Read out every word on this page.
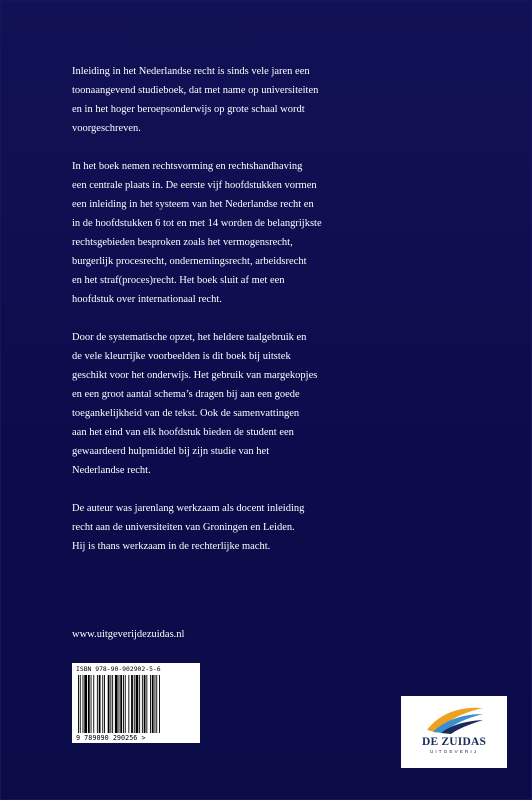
Inleiding in het Nederlandse recht is sinds vele jaren een
toonaangevend studieboek, dat met name op universiteiten
en in het hoger beroepsonderwijs op grote schaal wordt
voorgeschreven.

In het boek nemen rechtsvorming en rechtshandhaving
een centrale plaats in. De eerste vijf hoofdstukken vormen
een inleiding in het systeem van het Nederlandse recht en
in de hoofdstukken 6 tot en met 14 worden de belangrijkste
rechtsgebieden besproken zoals het vermogensrecht,
burgerlijk procesrecht, ondernemingsrecht, arbeidsrecht
en het straf(proces)recht. Het boek sluit af met een
hoofdstuk over internationaal recht.

Door de systematische opzet, het heldere taalgebruik en
de vele kleurrijke voorbeelden is dit boek bij uitstek
geschikt voor het onderwijs. Het gebruik van margekopjes
en een groot aantal schema’s dragen bij aan een goede
toegankelijkheid van de tekst. Ook de samenvattingen
aan het eind van elk hoofdstuk bieden de student een
gewaardeerd hulpmiddel bij zijn studie van het
Nederlandse recht.

De auteur was jarenlang werkzaam als docent inleiding
recht aan de universiteiten van Groningen en Leiden.
Hij is thans werkzaam in de rechterlijke macht.

www.uitgeverijdezuidas.nl
ISBN 978-90-902902-5-6
9 789090 290256 >	DE ZUIDAS
UITGEVERIJ
